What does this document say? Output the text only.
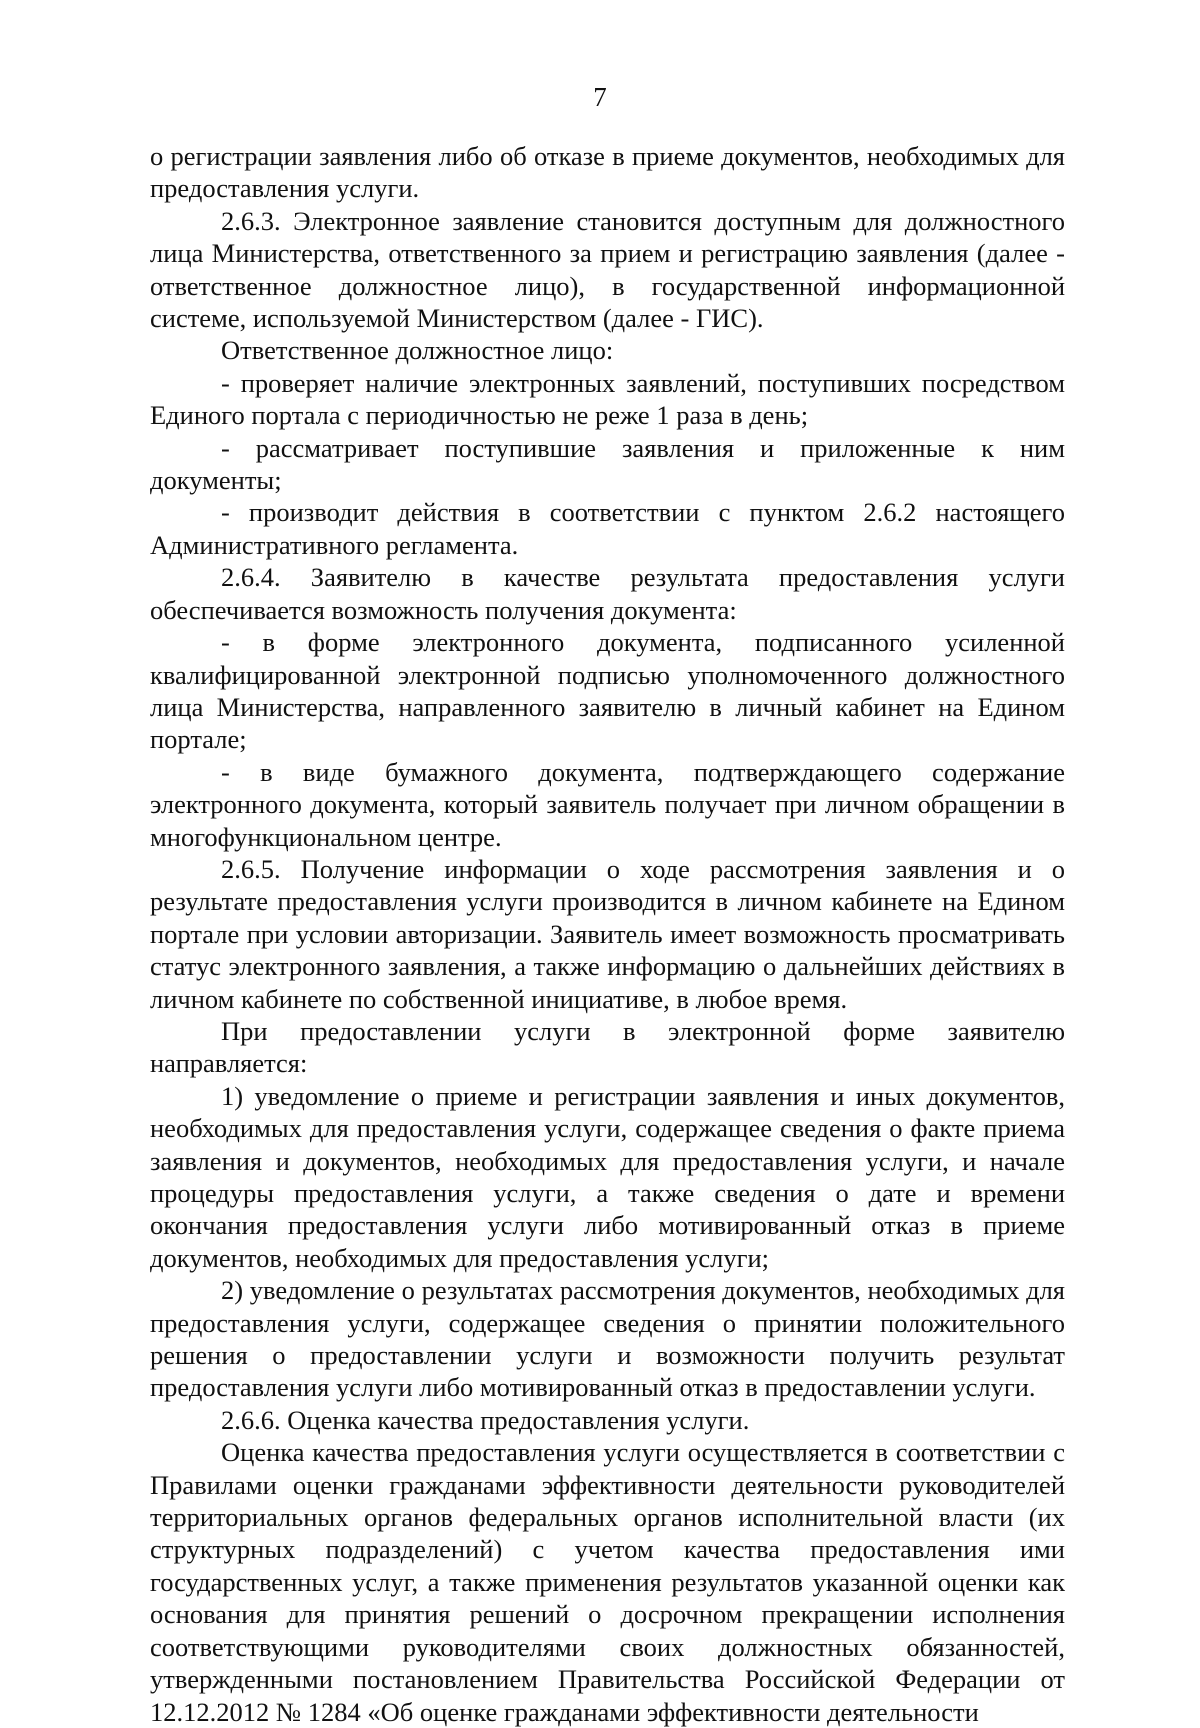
7

о регистрации заявления либо об отказе в приеме документов, необходимых для предоставления услуги.

2.6.3. Электронное заявление становится доступным для должностного лица Министерства, ответственного за прием и регистрацию заявления (далее - ответственное должностное лицо), в государственной информационной системе, используемой Министерством (далее - ГИС).

Ответственное должностное лицо:

- проверяет наличие электронных заявлений, поступивших посредством Единого портала с периодичностью не реже 1 раза в день;

- рассматривает поступившие заявления и приложенные к ним документы;

- производит действия в соответствии с пунктом 2.6.2 настоящего Административного регламента.

2.6.4. Заявителю в качестве результата предоставления услуги обеспечивается возможность получения документа:

- в форме электронного документа, подписанного усиленной квалифицированной электронной подписью уполномоченного должностного лица Министерства, направленного заявителю в личный кабинет на Едином портале;

- в виде бумажного документа, подтверждающего содержание электронного документа, который заявитель получает при личном обращении в многофункциональном центре.

2.6.5. Получение информации о ходе рассмотрения заявления и о результате предоставления услуги производится в личном кабинете на Едином портале при условии авторизации. Заявитель имеет возможность просматривать статус электронного заявления, а также информацию о дальнейших действиях в личном кабинете по собственной инициативе, в любое время.

При предоставлении услуги в электронной форме заявителю направляется:

1) уведомление о приеме и регистрации заявления и иных документов, необходимых для предоставления услуги, содержащее сведения о факте приема заявления и документов, необходимых для предоставления услуги, и начале процедуры предоставления услуги, а также сведения о дате и времени окончания предоставления услуги либо мотивированный отказ в приеме документов, необходимых для предоставления услуги;

2) уведомление о результатах рассмотрения документов, необходимых для предоставления услуги, содержащее сведения о принятии положительного решения о предоставлении услуги и возможности получить результат предоставления услуги либо мотивированный отказ в предоставлении услуги.

2.6.6. Оценка качества предоставления услуги.

Оценка качества предоставления услуги осуществляется в соответствии с Правилами оценки гражданами эффективности деятельности руководителей территориальных органов федеральных органов исполнительной власти (их структурных подразделений) с учетом качества предоставления ими государственных услуг, а также применения результатов указанной оценки как основания для принятия решений о досрочном прекращении исполнения соответствующими руководителями своих должностных обязанностей, утвержденными постановлением Правительства Российской Федерации от 12.12.2012 № 1284 «Об оценке гражданами эффективности деятельности
